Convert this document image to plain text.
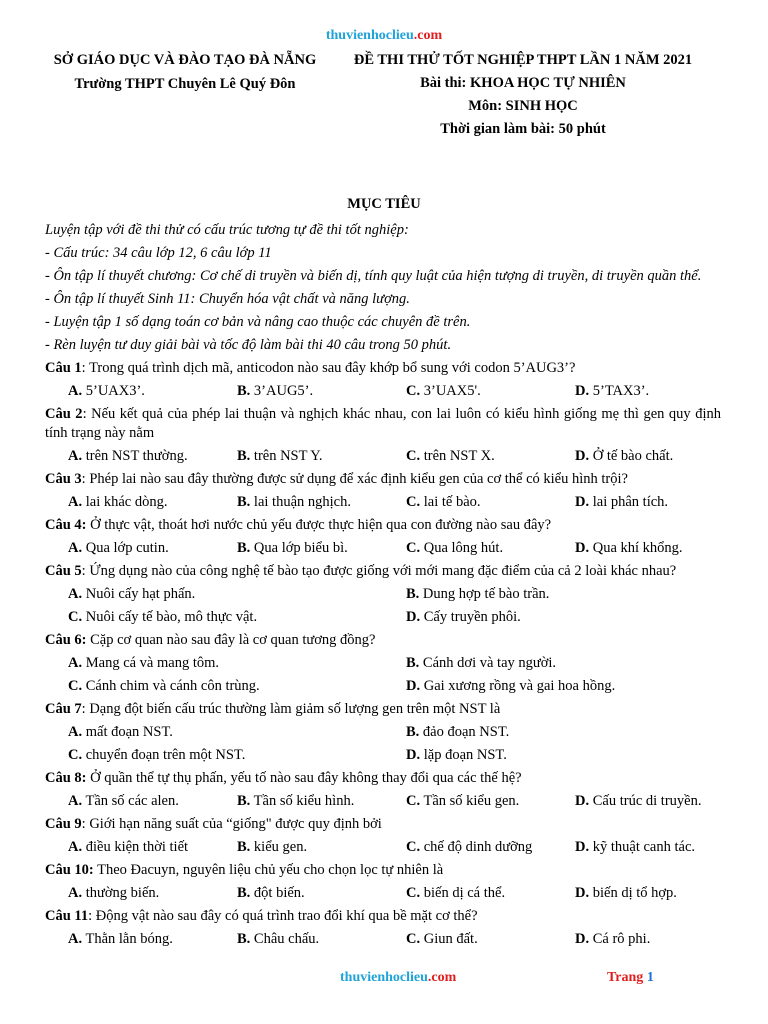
thuvienhoclieu.com
SỞ GIÁO DỤC VÀ ĐÀO TẠO ĐÀ NẴNG
Trường THPT Chuyên Lê Quý Đôn
ĐỀ THI THỬ TỐT NGHIỆP THPT LẦN 1 NĂM 2021
Bài thi: KHOA HỌC TỰ NHIÊN
Môn: SINH HỌC
Thời gian làm bài: 50 phút
MỤC TIÊU
Luyện tập với đề thi thử có cấu trúc tương tự đề thi tốt nghiệp:
- Cấu trúc: 34 câu lớp 12, 6 câu lớp 11
- Ôn tập lí thuyết chương: Cơ chế di truyền và biến dị, tính quy luật của hiện tượng di truyền, di truyền quần thể.
- Ôn tập lí thuyết Sinh 11: Chuyển hóa vật chất và năng lượng.
- Luyện tập 1 số dạng toán cơ bản và nâng cao thuộc các chuyên đề trên.
- Rèn luyện tư duy giải bài và tốc độ làm bài thi 40 câu trong 50 phút.
Câu 1: Trong quá trình dịch mã, anticodon nào sau đây khớp bổ sung với codon 5’AUG3’?
A. 5’UAX3’.	B. 3’AUG5’.	C. 3’UAX5'.	D. 5’TAX3’.
Câu 2: Nếu kết quả của phép lai thuận và nghịch khác nhau, con lai luôn có kiểu hình giống mẹ thì gen quy định tính trạng này nằm
A. trên NST thường.	B. trên NST Y.	C. trên NST X.	D. Ở tế bào chất.
Câu 3: Phép lai nào sau đây thường được sử dụng để xác định kiểu gen của cơ thể có kiểu hình trội?
A. lai khác dòng.	B. lai thuận nghịch.	C. lai tế bào.	D. lai phân tích.
Câu 4: Ở thực vật, thoát hơi nước chủ yếu được thực hiện qua con đường nào sau đây?
A. Qua lớp cutin.	B. Qua lớp biểu bì.	C. Qua lông hút.	D. Qua khí khổng.
Câu 5: Ứng dụng nào của công nghệ tế bào tạo được giống với mới mang đặc điểm của cả 2 loài khác nhau?
A. Nuôi cấy hạt phấn.	B. Dung hợp tế bào trần.
C. Nuôi cấy tế bào, mô thực vật.	D. Cấy truyền phôi.
Câu 6: Cặp cơ quan nào sau đây là cơ quan tương đồng?
A. Mang cá và mang tôm.	B. Cánh dơi và tay người.
C. Cánh chim và cánh côn trùng.	D. Gai xương rồng và gai hoa hồng.
Câu 7: Dạng đột biến cấu trúc thường làm giảm số lượng gen trên một NST là
A. mất đoạn NST.	B. đảo đoạn NST.
C. chuyển đoạn trên một NST.	D. lặp đoạn NST.
Câu 8: Ở quần thể tự thụ phấn, yếu tố nào sau đây không thay đổi qua các thế hệ?
A. Tần số các alen.	B. Tần số kiểu hình.	C. Tần số kiểu gen.	D. Cấu trúc di truyền.
Câu 9: Giới hạn năng suất của “giống" được quy định bởi
A. điều kiện thời tiết	B. kiểu gen.	C. chế độ dinh dưỡng	D. kỹ thuật canh tác.
Câu 10: Theo Đacuyn, nguyên liệu chủ yếu cho chọn lọc tự nhiên là
A. thường biến.	B. đột biến.	C. biến dị cá thể.	D. biến dị tổ hợp.
Câu 11: Động vật nào sau đây có quá trình trao đổi khí qua bề mặt cơ thể?
A. Thằn lằn bóng.	B. Châu chấu.	C. Giun đất.	D. Cá rô phi.
thuvienhoclieu.com	Trang 1
